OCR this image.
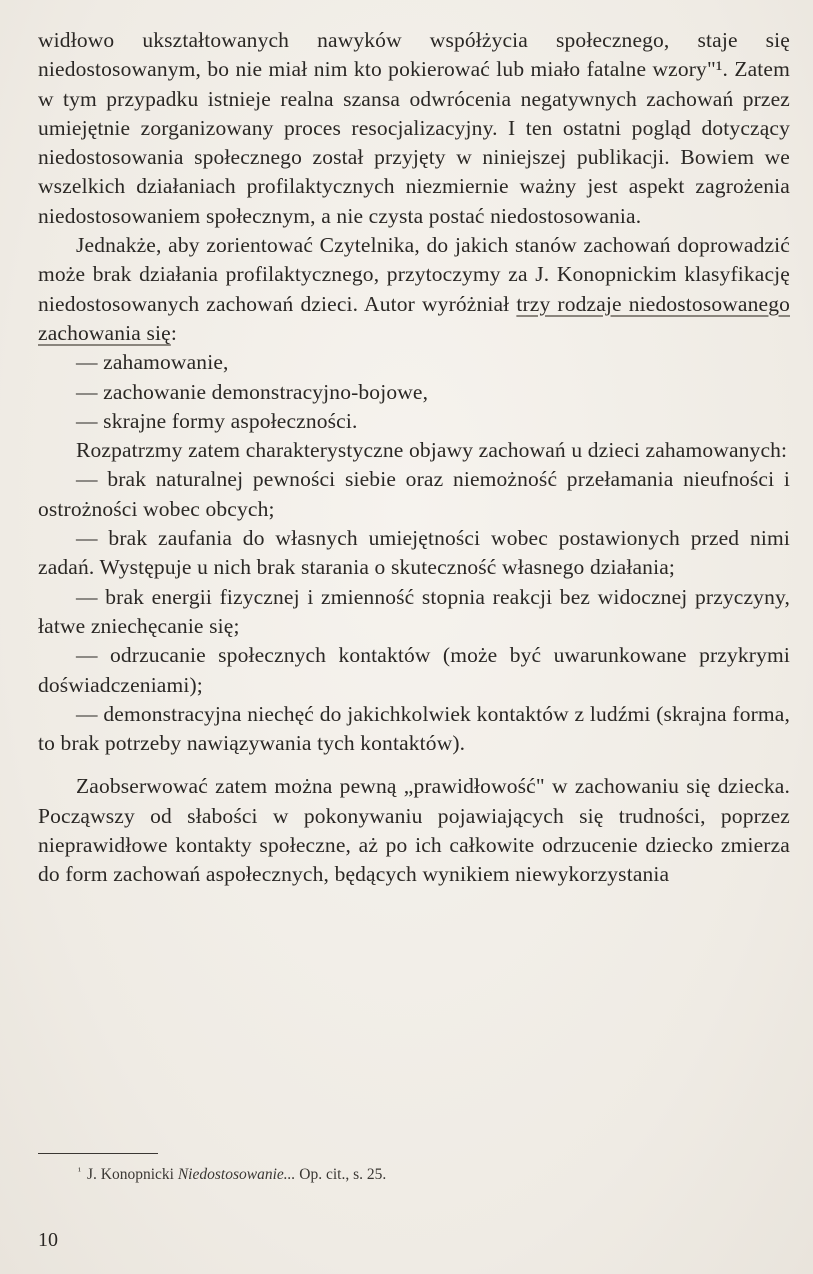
widłowo ukształtowanych nawyków współżycia społecznego, staje się niedostosowanym, bo nie miał nim kto pokierować lub miało fatalne wzory"¹. Zatem w tym przypadku istnieje realna szansa odwrócenia negatywnych zachowań przez umiejętnie zorganizowany proces resocjalizacyjny. I ten ostatni pogląd dotyczący niedostosowania społecznego został przyjęty w niniejszej publikacji. Bowiem we wszelkich działaniach profilaktycznych niezmiernie ważny jest aspekt zagrożenia niedostosowaniem społecznym, a nie czysta postać niedostosowania.

Jednakże, aby zorientować Czytelnika, do jakich stanów zachowań doprowadzić może brak działania profilaktycznego, przytoczymy za J. Konopnickim klasyfikację niedostosowanych zachowań dzieci. Autor wyróżniał trzy rodzaje niedostosowanego zachowania się:

— zahamowanie,

— zachowanie demonstracyjno-bojowe,

— skrajne formy aspołeczności.

Rozpatrzmy zatem charakterystyczne objawy zachowań u dzieci zahamowanych:

— brak naturalnej pewności siebie oraz niemożność przełamania nieufności i ostrożności wobec obcych;

— brak zaufania do własnych umiejętności wobec postawionych przed nimi zadań. Występuje u nich brak starania o skuteczność własnego działania;

— brak energii fizycznej i zmienność stopnia reakcji bez widocznej przyczyny, łatwe zniechęcanie się;

— odrzucanie społecznych kontaktów (może być uwarunkowane przykrymi doświadczeniami);

— demonstracyjna niechęć do jakichkolwiek kontaktów z ludźmi (skrajna forma, to brak potrzeby nawiązywania tych kontaktów).

Zaobserwować zatem można pewną „prawidłowość" w zachowaniu się dziecka. Począwszy od słabości w pokonywaniu pojawiających się trudności, poprzez nieprawidłowe kontakty społeczne, aż po ich całkowite odrzucenie dziecko zmierza do form zachowań aspołecznych, będących wynikiem niewykorzystania

$^{^1}$ J. Konopnicki Niedostosowanie... Op. cit., s. 25.
10
